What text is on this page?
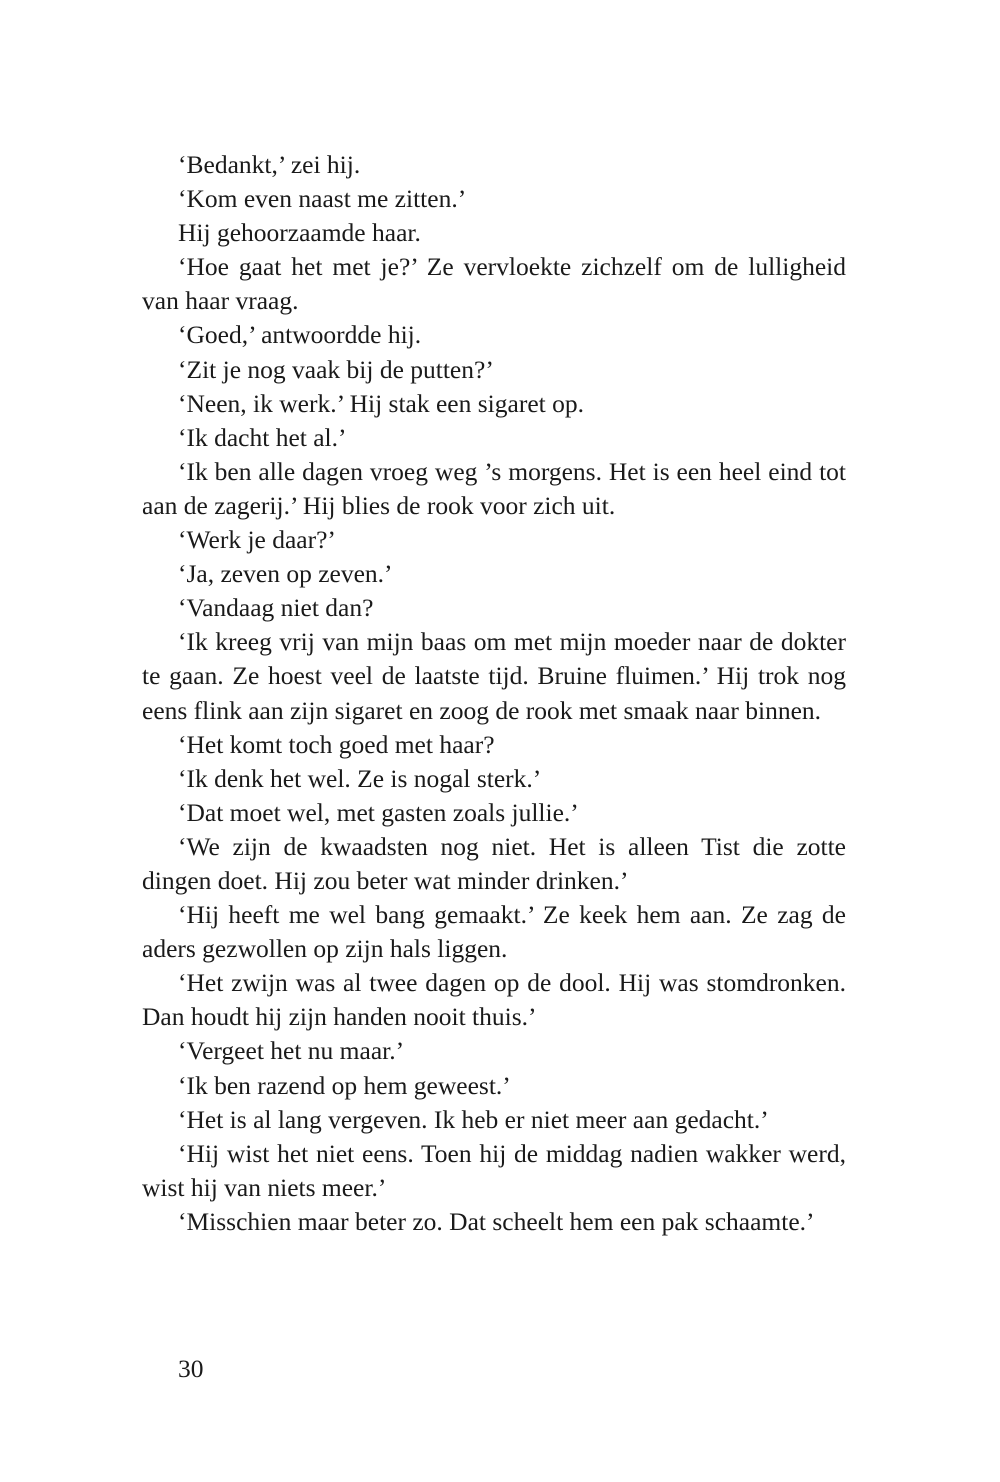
‘Bedankt,’ zei hij.

‘Kom even naast me zitten.’

Hij gehoorzaamde haar.

‘Hoe gaat het met je?’ Ze vervloekte zichzelf om de lulligheid van haar vraag.

‘Goed,’ antwoordde hij.

‘Zit je nog vaak bij de putten?’

‘Neen, ik werk.’ Hij stak een sigaret op.

‘Ik dacht het al.’

‘Ik ben alle dagen vroeg weg ’s morgens. Het is een heel eind tot aan de zagerij.’ Hij blies de rook voor zich uit.

‘Werk je daar?’

‘Ja, zeven op zeven.’

‘Vandaag niet dan?

‘Ik kreeg vrij van mijn baas om met mijn moeder naar de dokter te gaan. Ze hoest veel de laatste tijd. Bruine fluimen.’ Hij trok nog eens flink aan zijn sigaret en zoog de rook met smaak naar binnen.

‘Het komt toch goed met haar?

‘Ik denk het wel. Ze is nogal sterk.’

‘Dat moet wel, met gasten zoals jullie.’

‘We zijn de kwaadsten nog niet. Het is alleen Tist die zotte dingen doet. Hij zou beter wat minder drinken.’

‘Hij heeft me wel bang gemaakt.’ Ze keek hem aan. Ze zag de aders gezwollen op zijn hals liggen.

‘Het zwijn was al twee dagen op de dool. Hij was stomdronken. Dan houdt hij zijn handen nooit thuis.’

‘Vergeet het nu maar.’

‘Ik ben razend op hem geweest.’

‘Het is al lang vergeven. Ik heb er niet meer aan gedacht.’

‘Hij wist het niet eens. Toen hij de middag nadien wakker werd, wist hij van niets meer.’

‘Misschien maar beter zo. Dat scheelt hem een pak schaamte.’

30
